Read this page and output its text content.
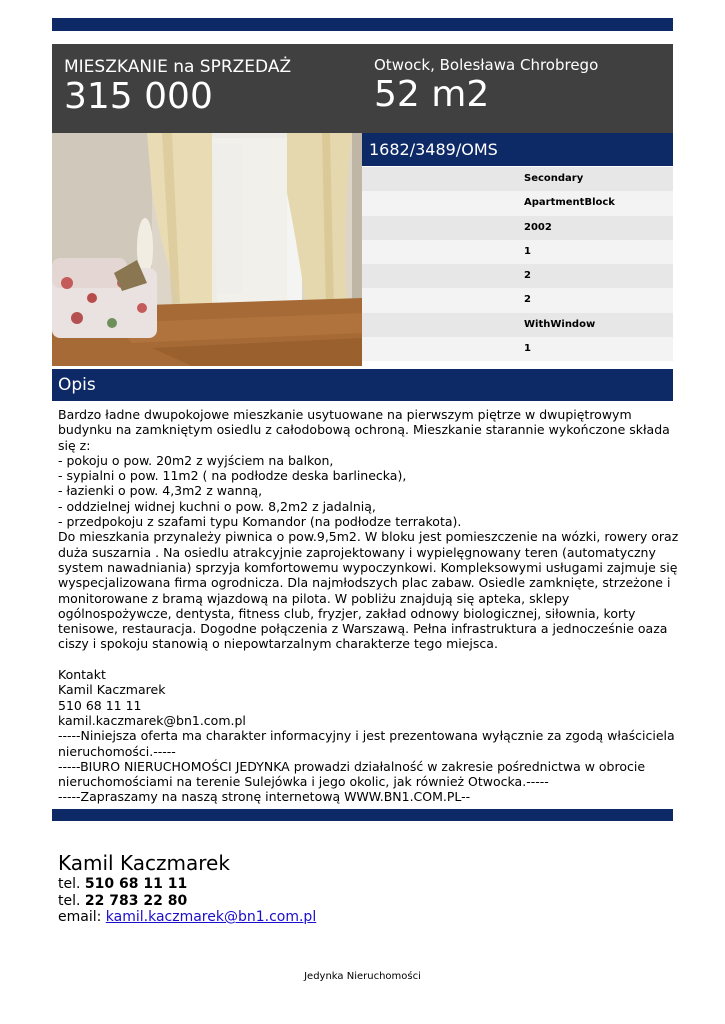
MIESZKANIE na SPRZEDAŻ
315 000
Otwock, Bolesława Chrobrego
52 m2
1682/3489/OMS
Secondary
ApartmentBlock
2002
1
2
2
WithWindow
1
Opis
Bardzo ładne dwupokojowe mieszkanie usytuowane na pierwszym piętrze w dwupiętrowym
budynku na zamkniętym osiedlu z całodobową ochroną. Mieszkanie starannie wykończone składa
się z:
- pokoju o pow. 20m2 z wyjściem na balkon,
- sypialni o pow. 11m2 ( na podłodze deska barlinecka),
- łazienki o pow. 4,3m2 z wanną,
- oddzielnej widnej kuchni o pow. 8,2m2 z jadalnią,
- przedpokoju z szafami typu Komandor (na podłodze terrakota).
Do mieszkania przynależy piwnica o pow.9,5m2. W bloku jest pomieszczenie na wózki, rowery oraz
duża suszarnia . Na osiedlu atrakcyjnie zaprojektowany i wypielęgnowany teren (automatyczny
system nawadniania) sprzyja komfortowemu wypoczynkowi. Kompleksowymi usługami zajmuje się
wyspecjalizowana firma ogrodnicza. Dla najmłodszych plac zabaw. Osiedle zamknięte, strzeżone i
monitorowane z bramą wjazdową na pilota. W pobliżu znajdują się apteka, sklepy
ogólnospożywcze, dentysta, fitness club, fryzjer, zakład odnowy biologicznej, siłownia, korty
tenisowe, restauracja. Dogodne połączenia z Warszawą. Pełna infrastruktura a jednocześnie oaza
ciszy i spokoju stanowią o niepowtarzalnym charakterze tego miejsca.
Kontakt
Kamil Kaczmarek
510 68 11 11
kamil.kaczmarek@bn1.com.pl
-----Niniejsza oferta ma charakter informacyjny i jest prezentowana wyłącznie za zgodą właściciela
nieruchomości.-----
-----BIURO NIERUCHOMOŚCI JEDYNKA prowadzi działalność w zakresie pośrednictwa w obrocie
nieruchomościami na terenie Sulejówka i jego okolic, jak również Otwocka.-----
-----Zapraszamy na naszą stronę internetową WWW.BN1.COM.PL--
Kamil Kaczmarek
tel. 510 68 11 11
tel. 22 783 22 80
email: kamil.kaczmarek@bn1.com.pl
Jedynka Nieruchomości
